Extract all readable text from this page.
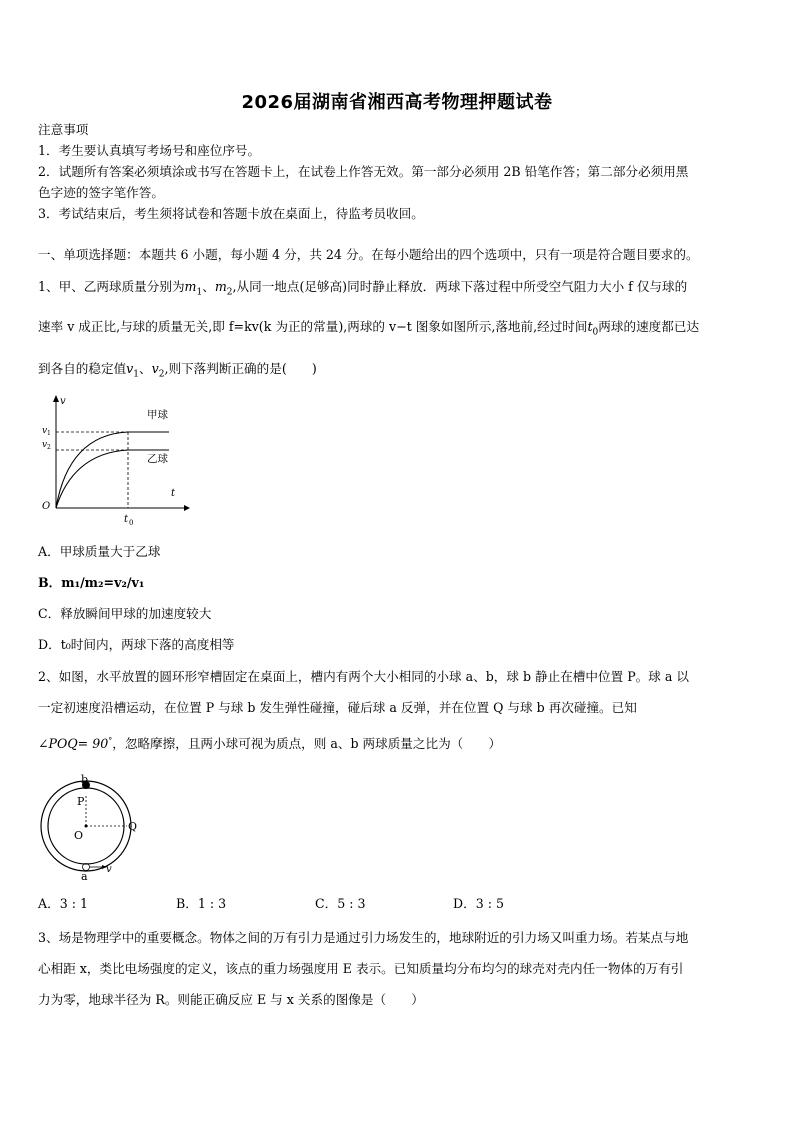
2026届湖南省湘西高考物理押题试卷
注意事项
1．考生要认真填写考场号和座位序号。
2．试题所有答案必须填涂或书写在答题卡上，在试卷上作答无效。第一部分必须用 2B 铅笔作答；第二部分必须用黑
色字迹的签字笔作答。
3．考试结束后，考生须将试卷和答题卡放在桌面上，待监考员收回。
一、单项选择题：本题共 6 小题，每小题 4 分，共 24 分。在每小题给出的四个选项中，只有一项是符合题目要求的。
1、甲、乙两球质量分别为$m_1$、$m_2$,从同一地点(足够高)同时静止释放．两球下落过程中所受空气阻力大小 f 仅与球的
速率 v 成正比,与球的质量无关,即 f=kv(k 为正的常量),两球的 v−t 图象如图所示,落地前,经过时间$t_0$两球的速度都已达
到各自的稳定值$v_1$、$v_2$,则下落判断正确的是(　　)
v
t
O
v 1
v 2
t 0
甲球
乙球
A．甲球质量大于乙球
B．m₁/m₂=v₂/v₁
C．释放瞬间甲球的加速度较大
D．t₀时间内，两球下落的高度相等
2、如图，水平放置的圆环形窄槽固定在桌面上，槽内有两个大小相同的小球 a、b，球 b 静止在槽中位置 P。球 a 以
一定初速度沿槽运动，在位置 P 与球 b 发生弹性碰撞，碰后球 a 反弹，并在位置 Q 与球 b 再次碰撞。已知
∠POQ= 90°，忽略摩擦，且两小球可视为质点，则 a、b 两球质量之比为（　　）
b
P
O
Q
a
v
A．3 : 1	B．1 : 3	C．5 : 3	D．3 : 5
3、场是物理学中的重要概念。物体之间的万有引力是通过引力场发生的，地球附近的引力场又叫重力场。若某点与地
心相距 x，类比电场强度的定义，该点的重力场强度用 E 表示。已知质量均分布均匀的球壳对壳内任一物体的万有引
力为零，地球半径为 R。则能正确反应 E 与 x 关系的图像是（　　）
